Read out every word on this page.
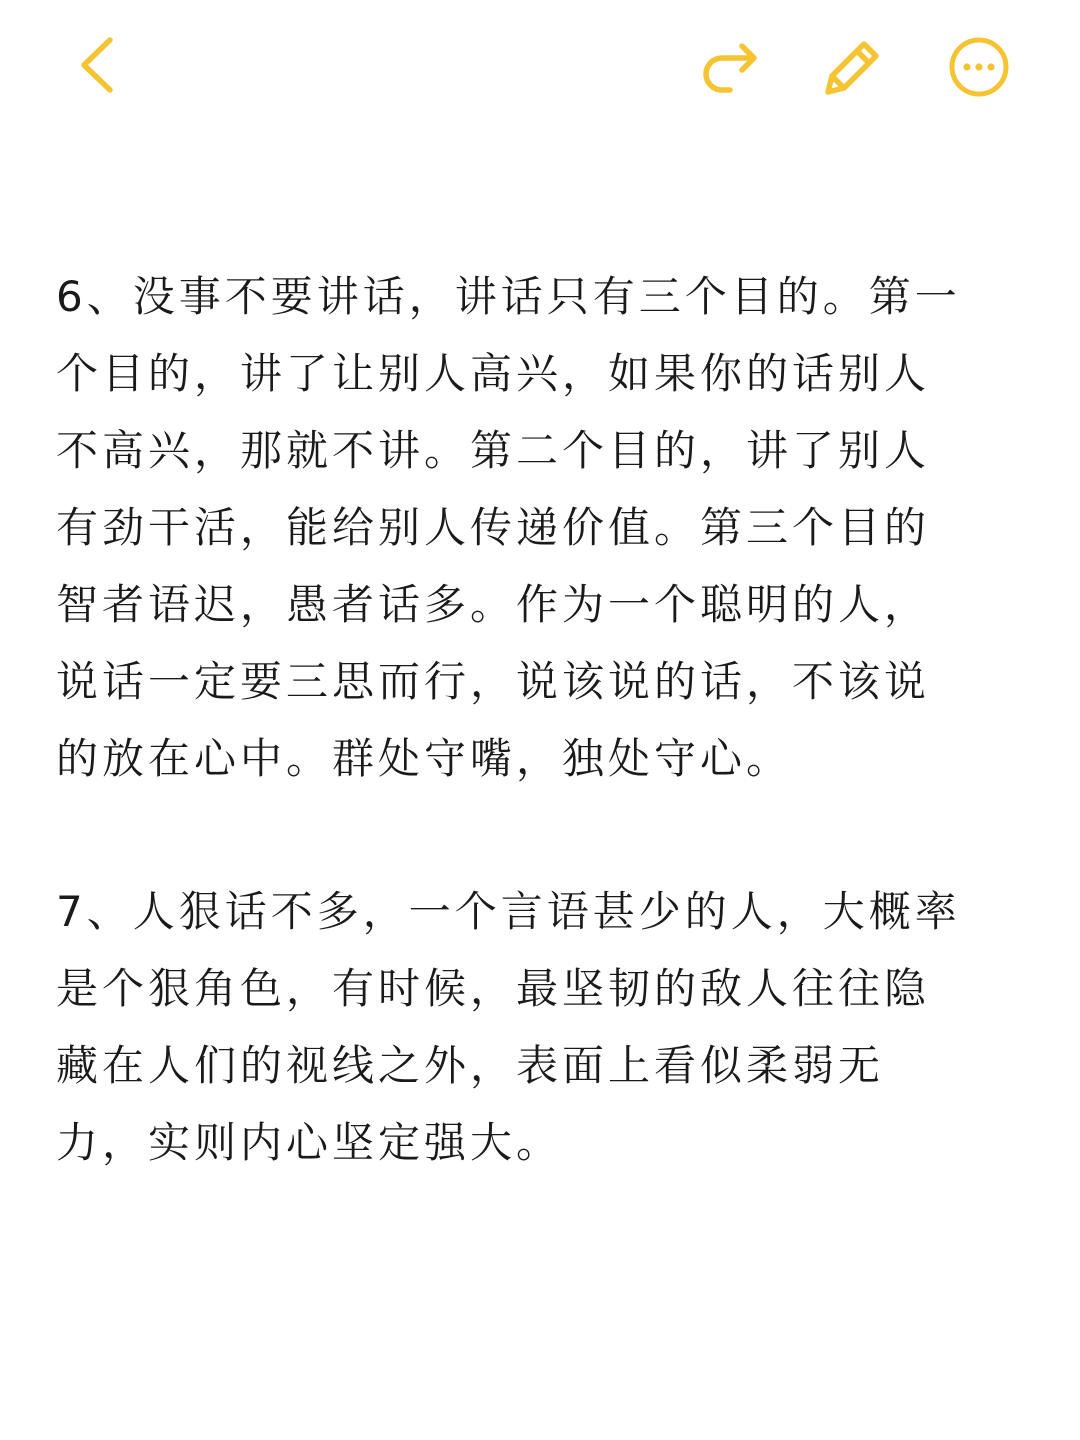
6、没事不要讲话，讲话只有三个目的。第一
个目的，讲了让别人高兴，如果你的话别人
不高兴，那就不讲。第二个目的，讲了别人
有劲干活，能给别人传递价值。第三个目的
智者语迟，愚者话多。作为一个聪明的人，
说话一定要三思而行，说该说的话，不该说
的放在心中。群处守嘴，独处守心。

7、人狠话不多，一个言语甚少的人，大概率
是个狠角色，有时候，最坚韧的敌人往往隐
藏在人们的视线之外，表面上看似柔弱无
力，实则内心坚定强大。
